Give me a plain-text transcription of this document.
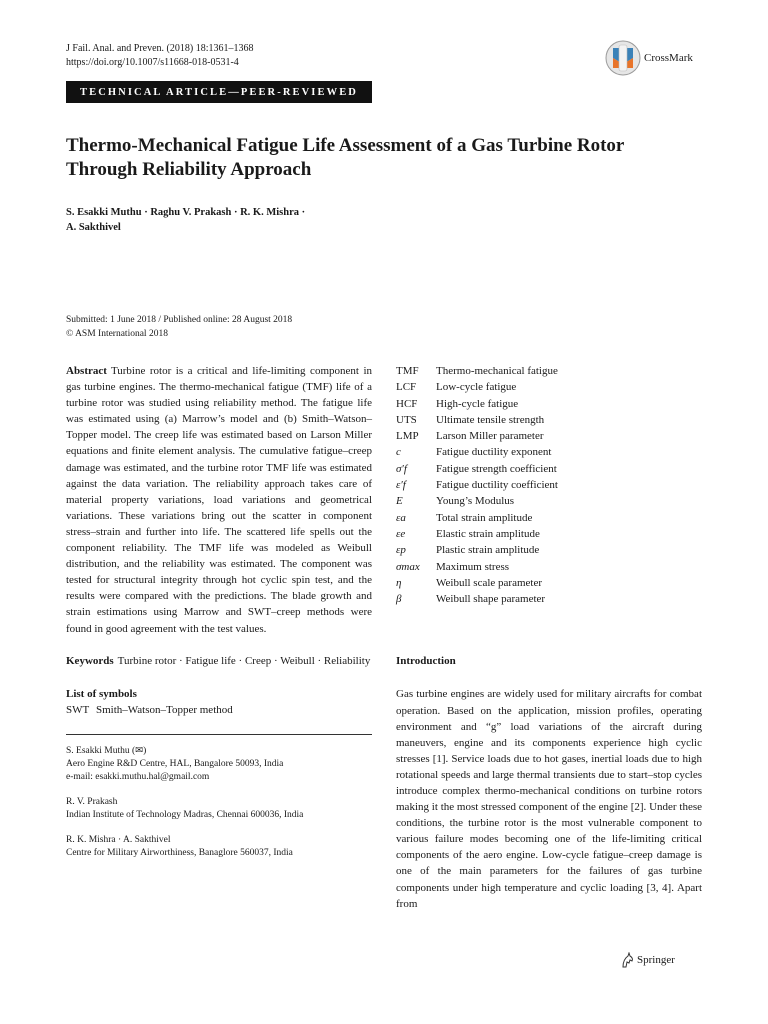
J Fail. Anal. and Preven. (2018) 18:1361–1368
https://doi.org/10.1007/s11668-018-0531-4	CrossMark
TECHNICAL ARTICLE—PEER-REVIEWED
Thermo-Mechanical Fatigue Life Assessment of a Gas Turbine Rotor Through Reliability Approach
S. Esakki Muthu · Raghu V. Prakash · R. K. Mishra ·
A. Sakthivel
Submitted: 1 June 2018 / Published online: 28 August 2018
© ASM International 2018

Abstract Turbine rotor is a critical and life-limiting component in gas turbine engines. The thermo-mechanical fatigue (TMF) life of a turbine rotor was studied using reliability method. The fatigue life was estimated using (a) Marrow’s model and (b) Smith–Watson–Topper model. The creep life was estimated based on Larson Miller equations and finite element analysis. The cumulative fatigue–creep damage was estimated, and the turbine rotor TMF life was estimated against the data variation. The reliability approach takes care of material property variations, load variations and geometrical variations. These variations bring out the scatter in component stress–strain and further into life. The scattered life spells out the component reliability. The TMF life was modeled as Weibull distribution, and the reliability was estimated. The component was tested for structural integrity through hot cyclic spin test, and the results were compared with the predictions. The blade growth and strain estimations using Marrow and SWT–creep methods were found in good agreement with the test values.

Keywords Turbine rotor · Fatigue life · Creep · Weibull · Reliability
List of symbols
SWT Smith–Watson–Topper method
S. Esakki Muthu (✉)
Aero Engine R&D Centre, HAL, Bangalore 50093, India
e-mail: esakki.muthu.hal@gmail.com
R. V. Prakash
Indian Institute of Technology Madras, Chennai 600036, India
R. K. Mishra · A. Sakthivel
Centre for Military Airworthiness, Banaglore 560037, India
TMF	Thermo-mechanical fatigue
LCF	Low-cycle fatigue
HCF	High-cycle fatigue
UTS	Ultimate tensile strength
LMP	Larson Miller parameter
c	Fatigue ductility exponent
σ′f	Fatigue strength coefficient
ε′f	Fatigue ductility coefficient
E	Young’s Modulus
εa	Total strain amplitude
εe	Elastic strain amplitude
εp	Plastic strain amplitude
σmax	Maximum stress
η	Weibull scale parameter
β	Weibull shape parameter
Introduction

Gas turbine engines are widely used for military aircrafts for combat operation. Based on the application, mission profiles, operating environment and “g” load variations of the aircraft during maneuvers, engine and its components experience high cyclic stresses [1]. Service loads due to hot gases, inertial loads due to high rotational speeds and large thermal transients due to start–stop cycles introduce complex thermo-mechanical conditions on turbine rotors making it the most stressed component of the engine [2]. Under these conditions, the turbine rotor is the most vulnerable component to various failure modes becoming one of the life-limiting critical components of the aero engine. Low-cycle fatigue–creep damage is one of the main parameters for the failures of gas turbine components under high temperature and cyclic loading [3, 4]. Apart from

Springer
